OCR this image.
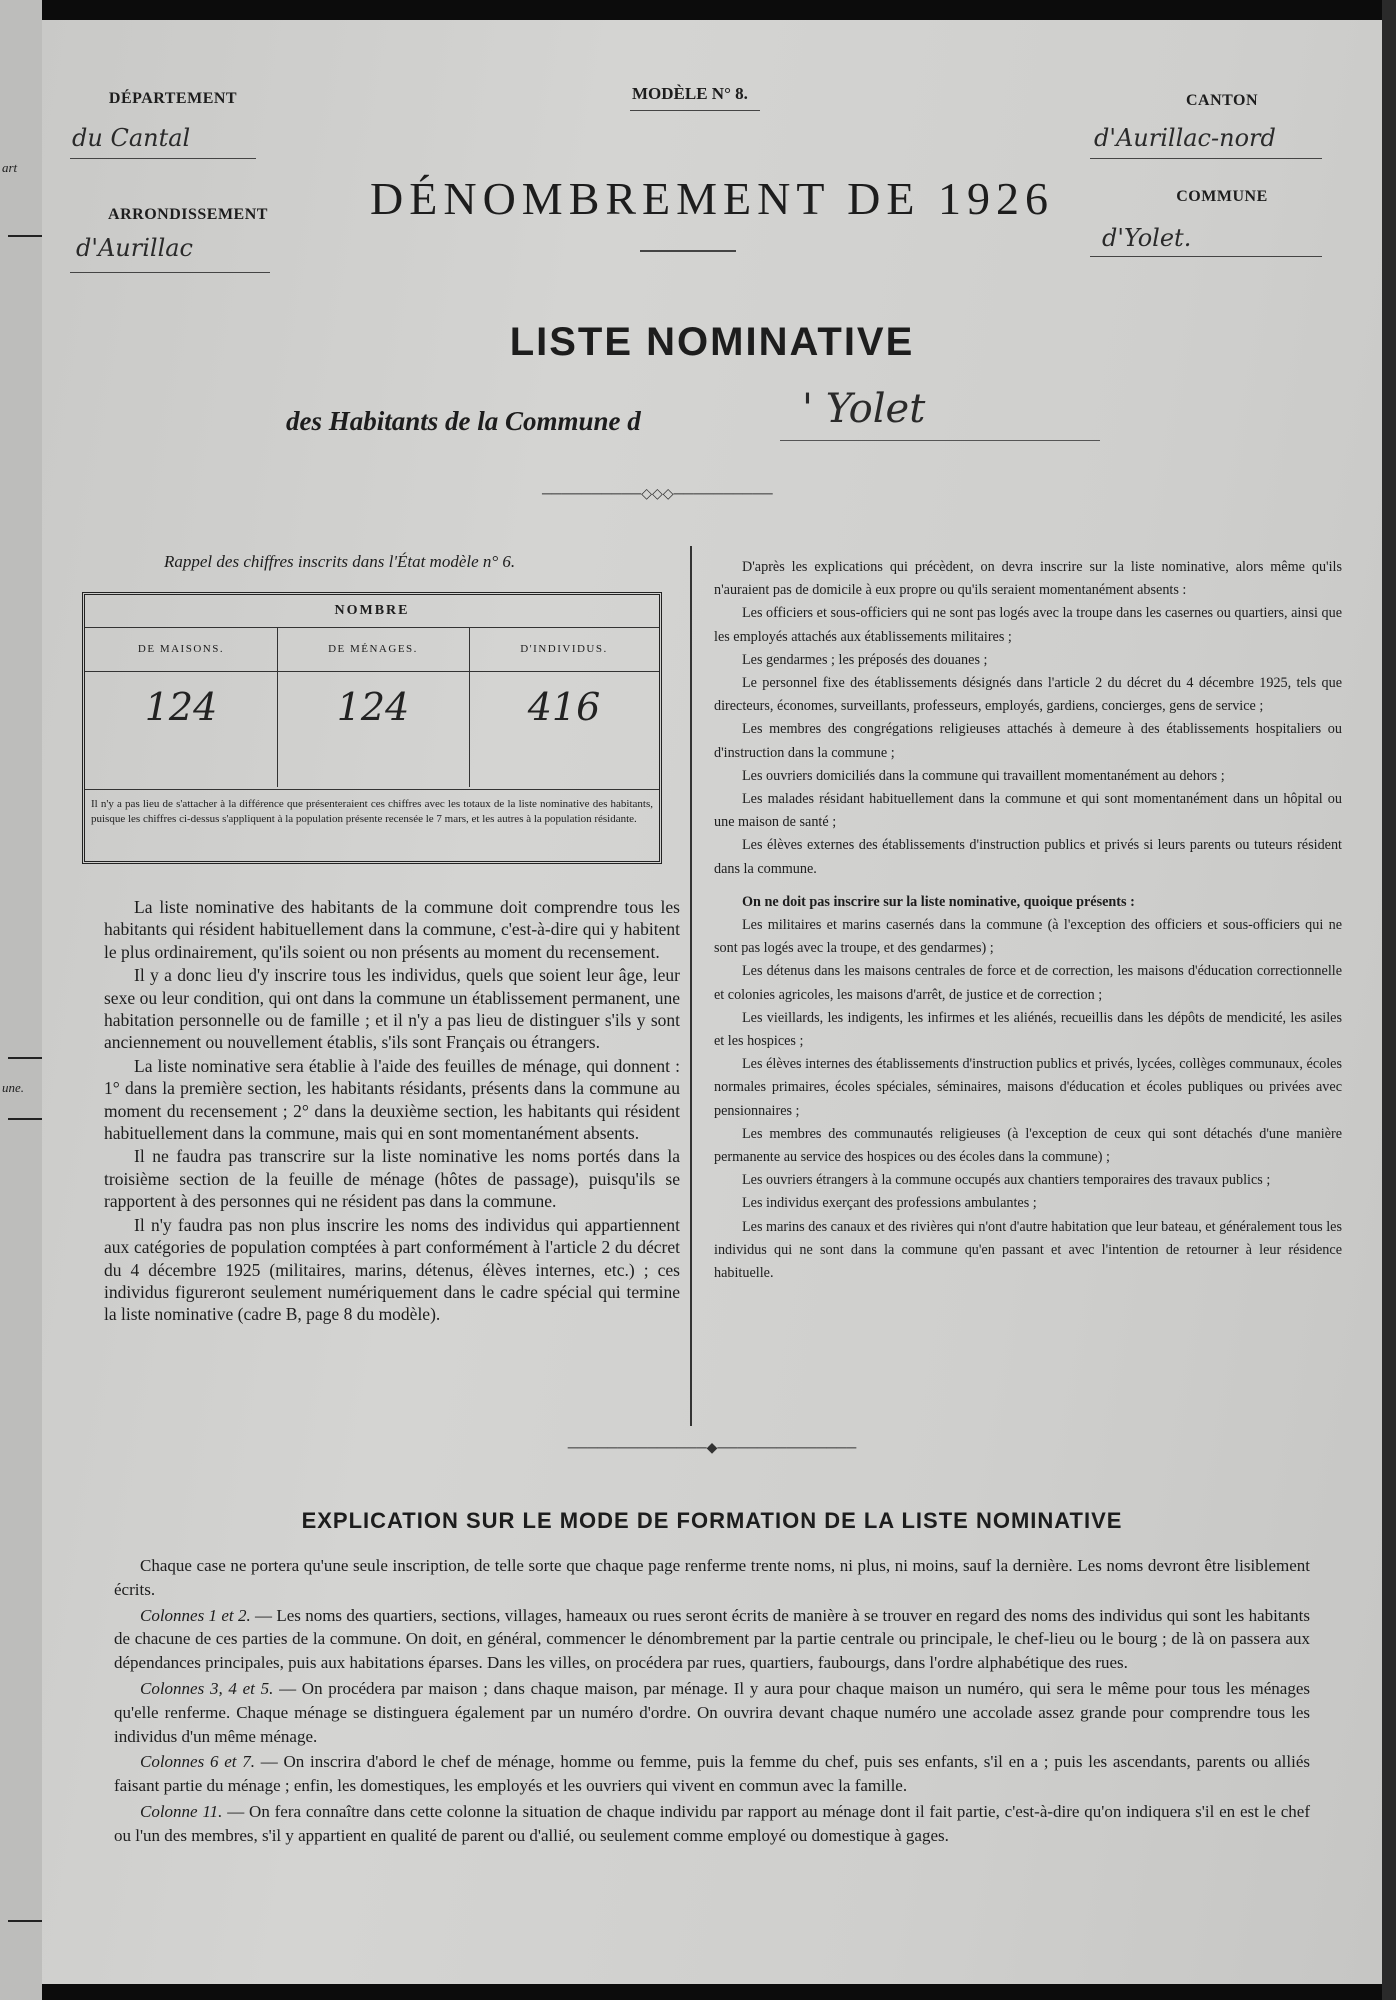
art
une.
DÉPARTEMENT
du Cantal
ARRONDISSEMENT
d'Aurillac
MODÈLE N° 8.	CANTON
d'Aurillac-nord
COMMUNE
d'Yolet.
DÉNOMBREMENT DE 1926
LISTE NOMINATIVE
des Habitants de la Commune d	' Yolet
──────────◇◇◇──────────
Rappel des chiffres inscrits dans l'État modèle n° 6.
NOMBRE
DE MAISONS.	DE MÉNAGES.	D'INDIVIDUS.
124	124	416
Il n'y a pas lieu de s'attacher à la différence que présenteraient ces chiffres avec les totaux de la liste nominative des habitants, puisque les chiffres ci-dessus s'appliquent à la population présente recensée le 7 mars, et les autres à la population résidante.

La liste nominative des habitants de la commune doit comprendre tous les habitants qui résident habituellement dans la commune, c'est-à-dire qui y habitent le plus ordinairement, qu'ils soient ou non présents au moment du recensement.

Il y a donc lieu d'y inscrire tous les individus, quels que soient leur âge, leur sexe ou leur condition, qui ont dans la commune un établissement permanent, une habitation personnelle ou de famille ; et il n'y a pas lieu de distinguer s'ils y sont anciennement ou nouvellement établis, s'ils sont Français ou étrangers.

La liste nominative sera établie à l'aide des feuilles de ménage, qui donnent : 1° dans la première section, les habitants résidants, présents dans la commune au moment du recensement ; 2° dans la deuxième section, les habitants qui résident habituellement dans la commune, mais qui en sont momentanément absents.

Il ne faudra pas transcrire sur la liste nominative les noms portés dans la troisième section de la feuille de ménage (hôtes de passage), puisqu'ils se rapportent à des personnes qui ne résident pas dans la commune.

Il n'y faudra pas non plus inscrire les noms des individus qui appartiennent aux catégories de population comptées à part conformément à l'article 2 du décret du 4 décembre 1925 (militaires, marins, détenus, élèves internes, etc.) ; ces individus figureront seulement numériquement dans le cadre spécial qui termine la liste nominative (cadre B, page 8 du modèle).

D'après les explications qui précèdent, on devra inscrire sur la liste nominative, alors même qu'ils n'auraient pas de domicile à eux propre ou qu'ils seraient momentanément absents :

Les officiers et sous-officiers qui ne sont pas logés avec la troupe dans les casernes ou quartiers, ainsi que les employés attachés aux établissements militaires ;

Les gendarmes ; les préposés des douanes ;

Le personnel fixe des établissements désignés dans l'article 2 du décret du 4 décembre 1925, tels que directeurs, économes, surveillants, professeurs, employés, gardiens, concierges, gens de service ;

Les membres des congrégations religieuses attachés à demeure à des établissements hospitaliers ou d'instruction dans la commune ;

Les ouvriers domiciliés dans la commune qui travaillent momentanément au dehors ;

Les malades résidant habituellement dans la commune et qui sont momentanément dans un hôpital ou une maison de santé ;

Les élèves externes des établissements d'instruction publics et privés si leurs parents ou tuteurs résident dans la commune.

On ne doit pas inscrire sur la liste nominative, quoique présents :

Les militaires et marins casernés dans la commune (à l'exception des officiers et sous-officiers qui ne sont pas logés avec la troupe, et des gendarmes) ;

Les détenus dans les maisons centrales de force et de correction, les maisons d'éducation correctionnelle et colonies agricoles, les maisons d'arrêt, de justice et de correction ;

Les vieillards, les indigents, les infirmes et les aliénés, recueillis dans les dépôts de mendicité, les asiles et les hospices ;

Les élèves internes des établissements d'instruction publics et privés, lycées, collèges communaux, écoles normales primaires, écoles spéciales, séminaires, maisons d'éducation et écoles publiques ou privées avec pensionnaires ;

Les membres des communautés religieuses (à l'exception de ceux qui sont détachés d'une manière permanente au service des hospices ou des écoles dans la commune) ;

Les ouvriers étrangers à la commune occupés aux chantiers temporaires des travaux publics ;

Les individus exerçant des professions ambulantes ;

Les marins des canaux et des rivières qui n'ont d'autre habitation que leur bateau, et généralement tous les individus qui ne sont dans la commune qu'en passant et avec l'intention de retourner à leur résidence habituelle.

──────────────◆──────────────
EXPLICATION SUR LE MODE DE FORMATION DE LA LISTE NOMINATIVE

Chaque case ne portera qu'une seule inscription, de telle sorte que chaque page renferme trente noms, ni plus, ni moins, sauf la dernière. Les noms devront être lisiblement écrits.

Colonnes 1 et 2. — Les noms des quartiers, sections, villages, hameaux ou rues seront écrits de manière à se trouver en regard des noms des individus qui sont les habitants de chacune de ces parties de la commune. On doit, en général, commencer le dénombrement par la partie centrale ou principale, le chef-lieu ou le bourg ; de là on passera aux dépendances principales, puis aux habitations éparses. Dans les villes, on procédera par rues, quartiers, faubourgs, dans l'ordre alphabétique des rues.

Colonnes 3, 4 et 5. — On procédera par maison ; dans chaque maison, par ménage. Il y aura pour chaque maison un numéro, qui sera le même pour tous les ménages qu'elle renferme. Chaque ménage se distinguera également par un numéro d'ordre. On ouvrira devant chaque numéro une accolade assez grande pour comprendre tous les individus d'un même ménage.

Colonnes 6 et 7. — On inscrira d'abord le chef de ménage, homme ou femme, puis la femme du chef, puis ses enfants, s'il en a ; puis les ascendants, parents ou alliés faisant partie du ménage ; enfin, les domestiques, les employés et les ouvriers qui vivent en commun avec la famille.

Colonne 11. — On fera connaître dans cette colonne la situation de chaque individu par rapport au ménage dont il fait partie, c'est-à-dire qu'on indiquera s'il en est le chef ou l'un des membres, s'il y appartient en qualité de parent ou d'allié, ou seulement comme employé ou domestique à gages.
